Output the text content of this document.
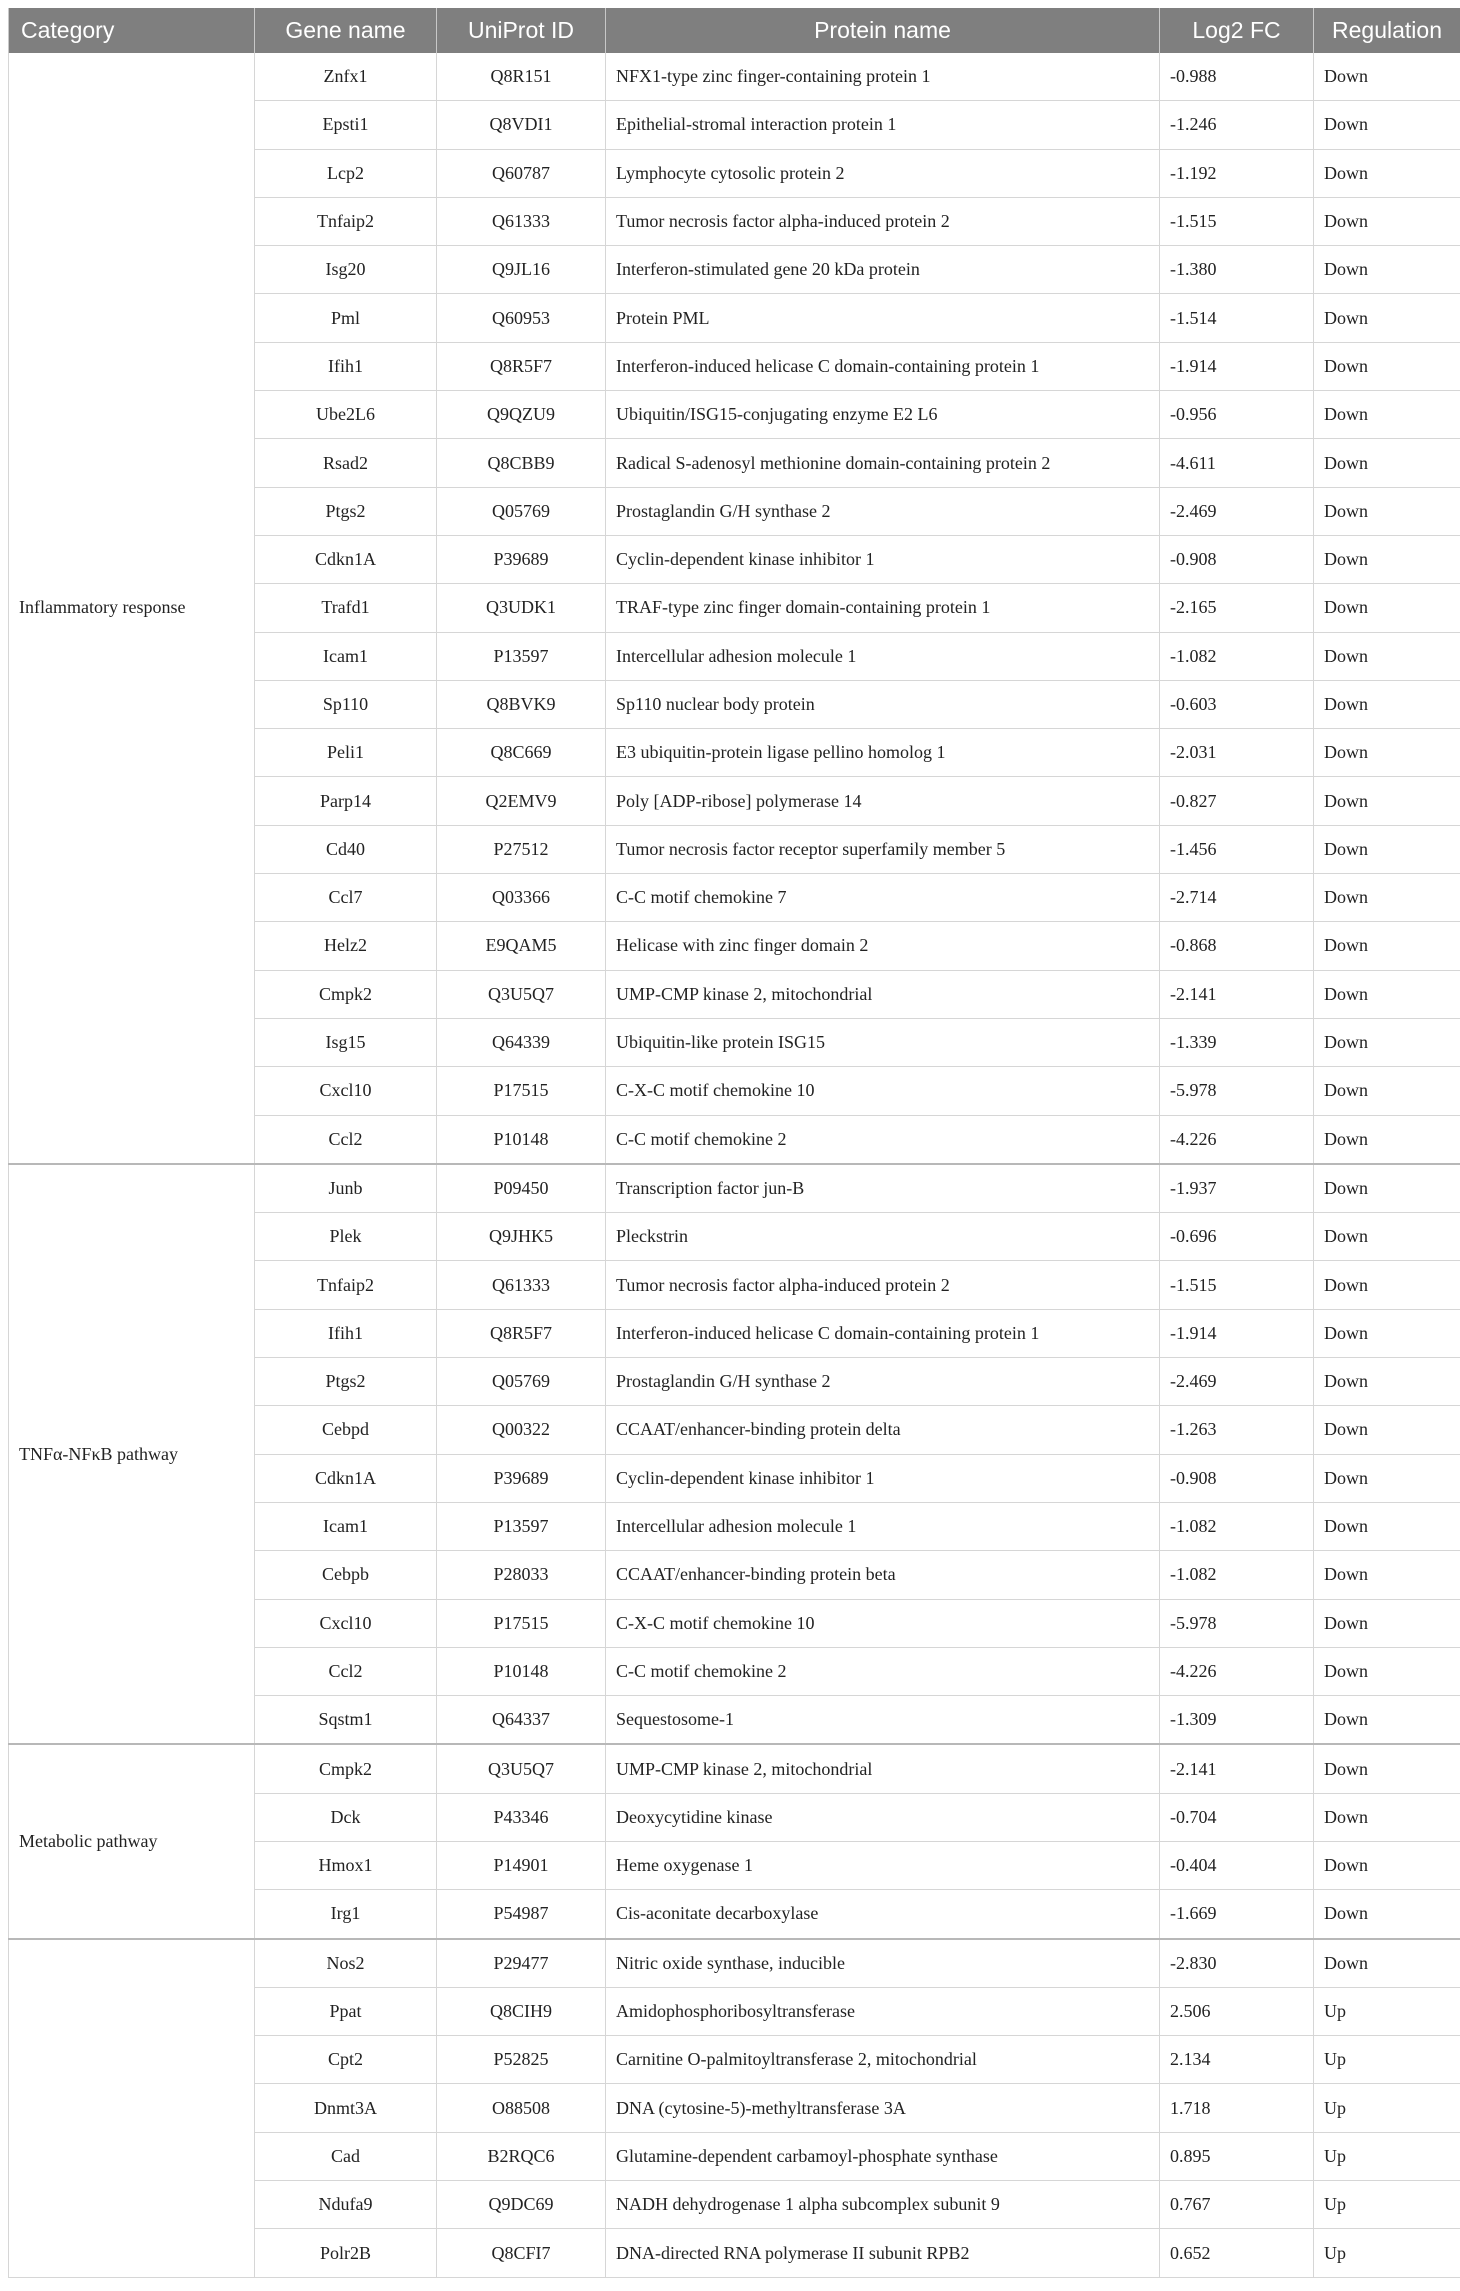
Category	Gene name	UniProt ID	Protein name	Log2 FC	Regulation
Inflammatory response	Znfx1	Q8R151	NFX1-type zinc finger-containing protein 1	-0.988	Down
	Epsti1	Q8VDI1	Epithelial-stromal interaction protein 1	-1.246	Down
	Lcp2	Q60787	Lymphocyte cytosolic protein 2	-1.192	Down
	Tnfaip2	Q61333	Tumor necrosis factor alpha-induced protein 2	-1.515	Down
	Isg20	Q9JL16	Interferon-stimulated gene 20 kDa protein	-1.380	Down
	Pml	Q60953	Protein PML	-1.514	Down
	Ifih1	Q8R5F7	Interferon-induced helicase C domain-containing protein 1	-1.914	Down
	Ube2L6	Q9QZU9	Ubiquitin/ISG15-conjugating enzyme E2 L6	-0.956	Down
	Rsad2	Q8CBB9	Radical S-adenosyl methionine domain-containing protein 2	-4.611	Down
	Ptgs2	Q05769	Prostaglandin G/H synthase 2	-2.469	Down
	Cdkn1A	P39689	Cyclin-dependent kinase inhibitor 1	-0.908	Down
	Trafd1	Q3UDK1	TRAF-type zinc finger domain-containing protein 1	-2.165	Down
	Icam1	P13597	Intercellular adhesion molecule 1	-1.082	Down
	Sp110	Q8BVK9	Sp110 nuclear body protein	-0.603	Down
	Peli1	Q8C669	E3 ubiquitin-protein ligase pellino homolog 1	-2.031	Down
	Parp14	Q2EMV9	Poly [ADP-ribose] polymerase 14	-0.827	Down
	Cd40	P27512	Tumor necrosis factor receptor superfamily member 5	-1.456	Down
	Ccl7	Q03366	C-C motif chemokine 7	-2.714	Down
	Helz2	E9QAM5	Helicase with zinc finger domain 2	-0.868	Down
	Cmpk2	Q3U5Q7	UMP-CMP kinase 2, mitochondrial	-2.141	Down
	Isg15	Q64339	Ubiquitin-like protein ISG15	-1.339	Down
	Cxcl10	P17515	C-X-C motif chemokine 10	-5.978	Down
	Ccl2	P10148	C-C motif chemokine 2	-4.226	Down
TNFα-NFκB pathway	Junb	P09450	Transcription factor jun-B	-1.937	Down
	Plek	Q9JHK5	Pleckstrin	-0.696	Down
	Tnfaip2	Q61333	Tumor necrosis factor alpha-induced protein 2	-1.515	Down
	Ifih1	Q8R5F7	Interferon-induced helicase C domain-containing protein 1	-1.914	Down
	Ptgs2	Q05769	Prostaglandin G/H synthase 2	-2.469	Down
	Cebpd	Q00322	CCAAT/enhancer-binding protein delta	-1.263	Down
	Cdkn1A	P39689	Cyclin-dependent kinase inhibitor 1	-0.908	Down
	Icam1	P13597	Intercellular adhesion molecule 1	-1.082	Down
	Cebpb	P28033	CCAAT/enhancer-binding protein beta	-1.082	Down
	Cxcl10	P17515	C-X-C motif chemokine 10	-5.978	Down
	Ccl2	P10148	C-C motif chemokine 2	-4.226	Down
	Sqstm1	Q64337	Sequestosome-1	-1.309	Down
Metabolic pathway	Cmpk2	Q3U5Q7	UMP-CMP kinase 2, mitochondrial	-2.141	Down
	Dck	P43346	Deoxycytidine kinase	-0.704	Down
	Hmox1	P14901	Heme oxygenase 1	-0.404	Down
	Irg1	P54987	Cis-aconitate decarboxylase	-1.669	Down
	Nos2	P29477	Nitric oxide synthase, inducible	-2.830	Down
	Ppat	Q8CIH9	Amidophosphoribosyltransferase	2.506	Up
	Cpt2	P52825	Carnitine O-palmitoyltransferase 2, mitochondrial	2.134	Up
	Dnmt3A	O88508	DNA (cytosine-5)-methyltransferase 3A	1.718	Up
	Cad	B2RQC6	Glutamine-dependent carbamoyl-phosphate synthase	0.895	Up
	Ndufa9	Q9DC69	NADH dehydrogenase 1 alpha subcomplex subunit 9	0.767	Up
	Polr2B	Q8CFI7	DNA-directed RNA polymerase II subunit RPB2	0.652	Up
